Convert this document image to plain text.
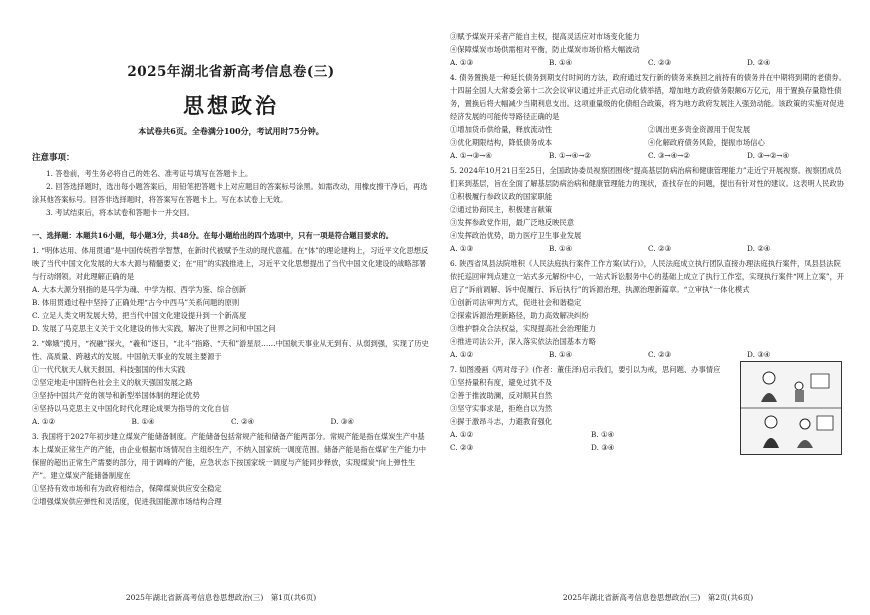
2025年湖北省新高考信息卷(三)
思想政治
本试卷共6页。全卷满分100分，考试用时75分钟。
注意事项：

1. 答卷前，考生务必将自己的姓名、准考证号填写在答题卡上。

2. 回答选择题时，选出每小题答案后，用铅笔把答题卡上对应题目的答案标号涂黑。如需改动，用橡皮擦干净后，再选涂其他答案标号。回答非选择题时，将答案写在答题卡上。写在本试卷上无效。

3. 考试结束后，将本试卷和答题卡一并交回。

一、选择题：本题共16小题，每小题3分，共48分。在每小题给出的四个选项中，只有一项是符合题目要求的。

1. “明体达用、体用贯通”是中国传统哲学智慧，在新时代被赋予生动的现代意蕴。在“体”的理论建构上，习近平文化思想反映了当代中国文化发展的大本大源与精髓要义；在“用”的实践推进上，习近平文化思想提出了当代中国文化建设的战略部署与行动纲领。对此理解正确的是

A. 大本大源分别指的是马学为魂、中学为根、西学为鉴、综合创新

B. 体用贯通过程中坚持了正确处理“古今中西马”关系问题的原则

C. 立足人类文明发展大势，把当代中国文化建设提升到一个新高度

D. 发展了马克思主义关于文化建设的伟大实践，解决了世界之问和中国之问

2. “嫦娥”揽月，“祝融”探火，“羲和”逐日，“北斗”指路、“天和”游星辰……中国航天事业从无到有、从弱到强，实现了历史性、高质量、跨越式的发展。中国航天事业的发展主要源于

①一代代航天人航天报国、科技强国的伟大实践

②坚定地走中国特色社会主义的航天强国发展之路

③坚持中国共产党的领导和新型举国体制的理论优势

④坚持以马克思主义中国化时代化理论成果为指导的文化自信

A. ①②	B. ①④	C. ②④	D. ③④

3. 我国将于2027年初步建立煤炭产能储备制度。产能储备包括常规产能和储备产能两部分。常规产能是指在煤炭生产中基本上煤炭正常生产的产能，由企业根据市场情况自主组织生产，不纳入国家统一调度范围。储备产能是指在煤矿生产能力中保留的超出正常生产需要的部分，用于调峰的产能，应急状态下按国家统一调度与产能同步释放，实现煤炭“向上弹性生产”。建立煤炭产能储备制度在

①坚持有效市场和有为政府相结合，保障煤炭供应安全稳定

②增强煤炭供应弹性和灵活度，促进我国能源市场结构合理

2025年湖北省新高考信息卷思想政治(三)　第1页(共6页)

③赋予煤炭开采者产能自主权，提高灵活应对市场变化能力

④保障煤炭市场供需相对平衡，防止煤炭市场价格大幅波动

A. ①③	B. ①④	C. ②③	D. ②④

4. 债务置换是一种延长债务到期支付时间的方法，政府通过发行新的债务来换回之前持有的债务并在中期将到期的老债券。十四届全国人大常委会第十二次会议审议通过并正式启动化债举措，增加地方政府债务限额6万亿元，用于置换存量隐性债务，置换后将大幅减少当期利息支出。这项重量级的化债组合政策，将为地方政府发展注入强劲动能。该政策的实施对促进经济发展的可能传导路径正确的是

①增加货币供给量，释放流动性	②调出更多资金资源用于促发展
③优化期限结构，降低债务成本	④化解政府债务风险，提振市场信心
A. ①→③→④	B. ①→④→②	C. ③→④→②	D. ③→②→④

5. 2024年10月21日至25日，全国政协委员视察团围绕“提高基层防病治病和健康管理能力”走近宁开展视察。视察团成员们来到基层，旨在全面了解基层防病治病和健康管理能力的现状，查找存在的问题，提出有针对性的建议。这表明人民政协

①积极履行参政议政的国家职能

②通过协商民主，积极建言献策

③发挥参政党作用，最广泛地反映民意

④发挥政治优势，助力医疗卫生事业发展

A. ①③	B. ①④	C. ②③	D. ②④

6. 陕西省凤县法院堆积《人民法庭执行案件工作方案(试行)》，人民法庭成立执行团队直接办理法庭执行案件，凤县县法院依托巡回审判点建立一站式多元解纷中心，一站式诉讼服务中心的基础上成立了执行工作室，实现执行案件“网上立案”，开启了“诉前调解、诉中促履行、诉后执行”的诉源治理、执源治理新篇章。“立审执”一体化模式

①创新司法审判方式，促进社会和谐稳定

②探索诉源治理新路径，助力高效解决纠纷

③维护群众合法权益，实现提高社会治理能力

④推进司法公开，深入落实依法治国基本方略

A. ①②	B. ①④	C. ②③	D. ③④

7. 如图漫画《两对母子》(作者：董佳泽)启示我们，要引以为戒，思问题、办事情应

①坚持量积有度，避免过犹不及

②善于推波助澜，反对顺其自然

③坚守实事求是，拒绝自以为然

④摒于激昂斗志，力避教育强化

A. ①②	B. ①④
C. ②③	D. ③④
2025年湖北省新高考信息卷思想政治(三)　第2页(共6页)
